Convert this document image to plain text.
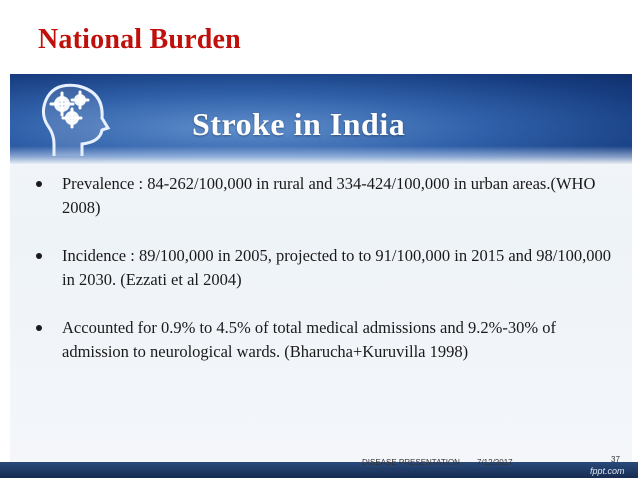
National Burden
Stroke in India
Prevalence : 84-262/100,000 in rural and 334-424/100,000 in urban areas.(WHO 2008)
Incidence : 89/100,000 in 2005, projected to to 91/100,000 in 2015 and 98/100,000 in 2030. (Ezzati et al 2004)
Accounted for 0.9% to 4.5% of total medical admissions and 9.2%-30% of admission to neurological wards. (Bharucha+Kuruvilla 1998)
DISEASE PRESENTATION 7/12/2017	37
fppt.com
